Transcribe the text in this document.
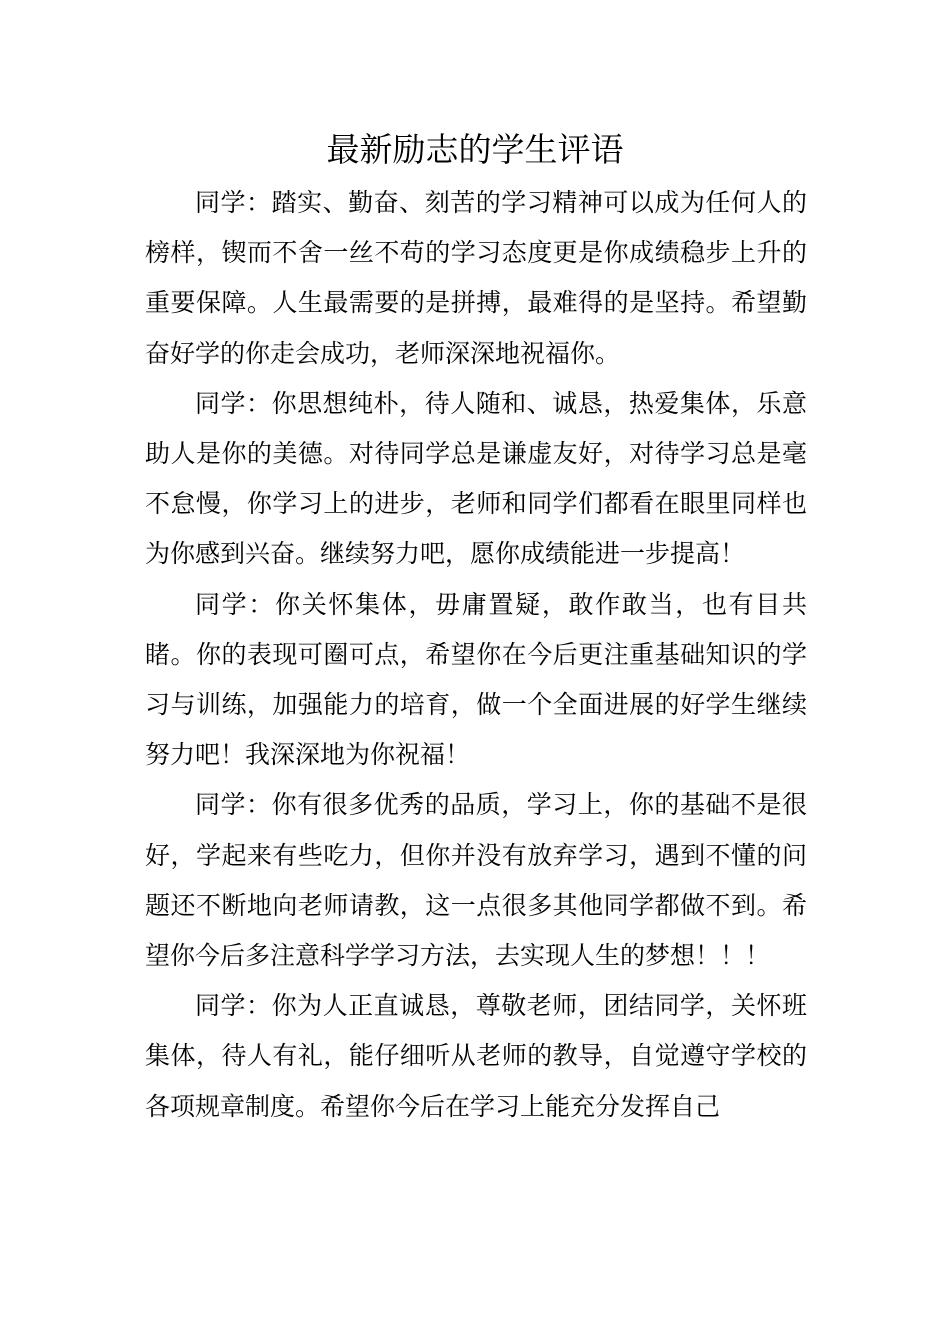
最新励志的学生评语

同学：踏实、勤奋、刻苦的学习精神可以成为任何人的榜样，锲而不舍一丝不苟的学习态度更是你成绩稳步上升的重要保障。人生最需要的是拼搏，最难得的是坚持。希望勤奋好学的你走会成功，老师深深地祝福你。

同学：你思想纯朴，待人随和、诚恳，热爱集体，乐意助人是你的美德。对待同学总是谦虚友好，对待学习总是毫不怠慢，你学习上的进步，老师和同学们都看在眼里同样也为你感到兴奋。继续努力吧，愿你成绩能进一步提高！

同学：你关怀集体，毋庸置疑，敢作敢当，也有目共睹。你的表现可圈可点，希望你在今后更注重基础知识的学习与训练，加强能力的培育，做一个全面进展的好学生继续努力吧！我深深地为你祝福！

同学：你有很多优秀的品质，学习上，你的基础不是很好，学起来有些吃力，但你并没有放弃学习，遇到不懂的问题还不断地向老师请教，这一点很多其他同学都做不到。希望你今后多注意科学学习方法，去实现人生的梦想！！！

同学：你为人正直诚恳，尊敬老师，团结同学，关怀班集体，待人有礼，能仔细听从老师的教导，自觉遵守学校的各项规章制度。希望你今后在学习上能充分发挥自己
